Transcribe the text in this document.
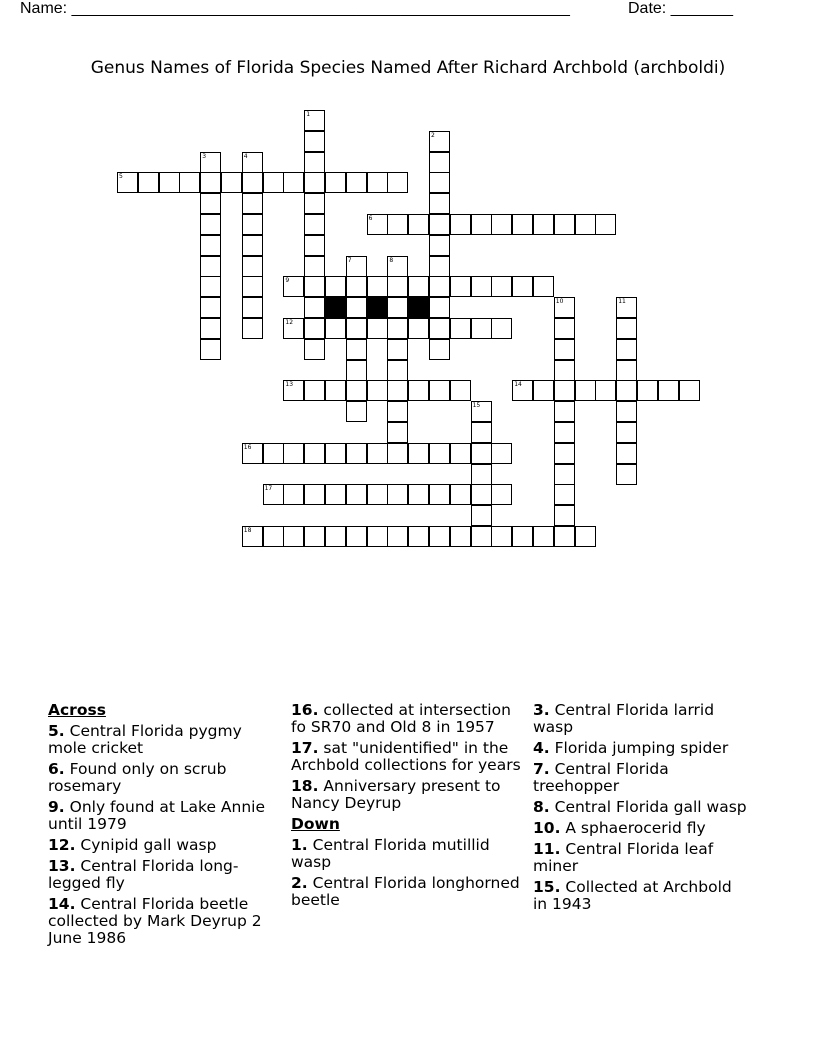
Name: ________________________________________________________	Date: _______
Genus Names of Florida Species Named After Richard Archbold (archboldi)
1
2
3	4
5
6
7	8
9
10	11
12
13	14
15
16
17
18
Across
5. Central Florida pygmy mole cricket
6. Found only on scrub rosemary
9. Only found at Lake Annie until 1979
12. Cynipid gall wasp
13. Central Florida long-legged fly
14. Central Florida beetle collected by Mark Deyrup 2 June 1986
16. collected at intersection fo SR70 and Old 8 in 1957
17. sat "unidentified" in the Archbold collections for years
18. Anniversary present to Nancy Deyrup
Down
1. Central Florida mutillid wasp
2. Central Florida longhorned beetle
3. Central Florida larrid wasp
4. Florida jumping spider
7. Central Florida treehopper
8. Central Florida gall wasp
10. A sphaerocerid fly
11. Central Florida leaf miner
15. Collected at Archbold in 1943
